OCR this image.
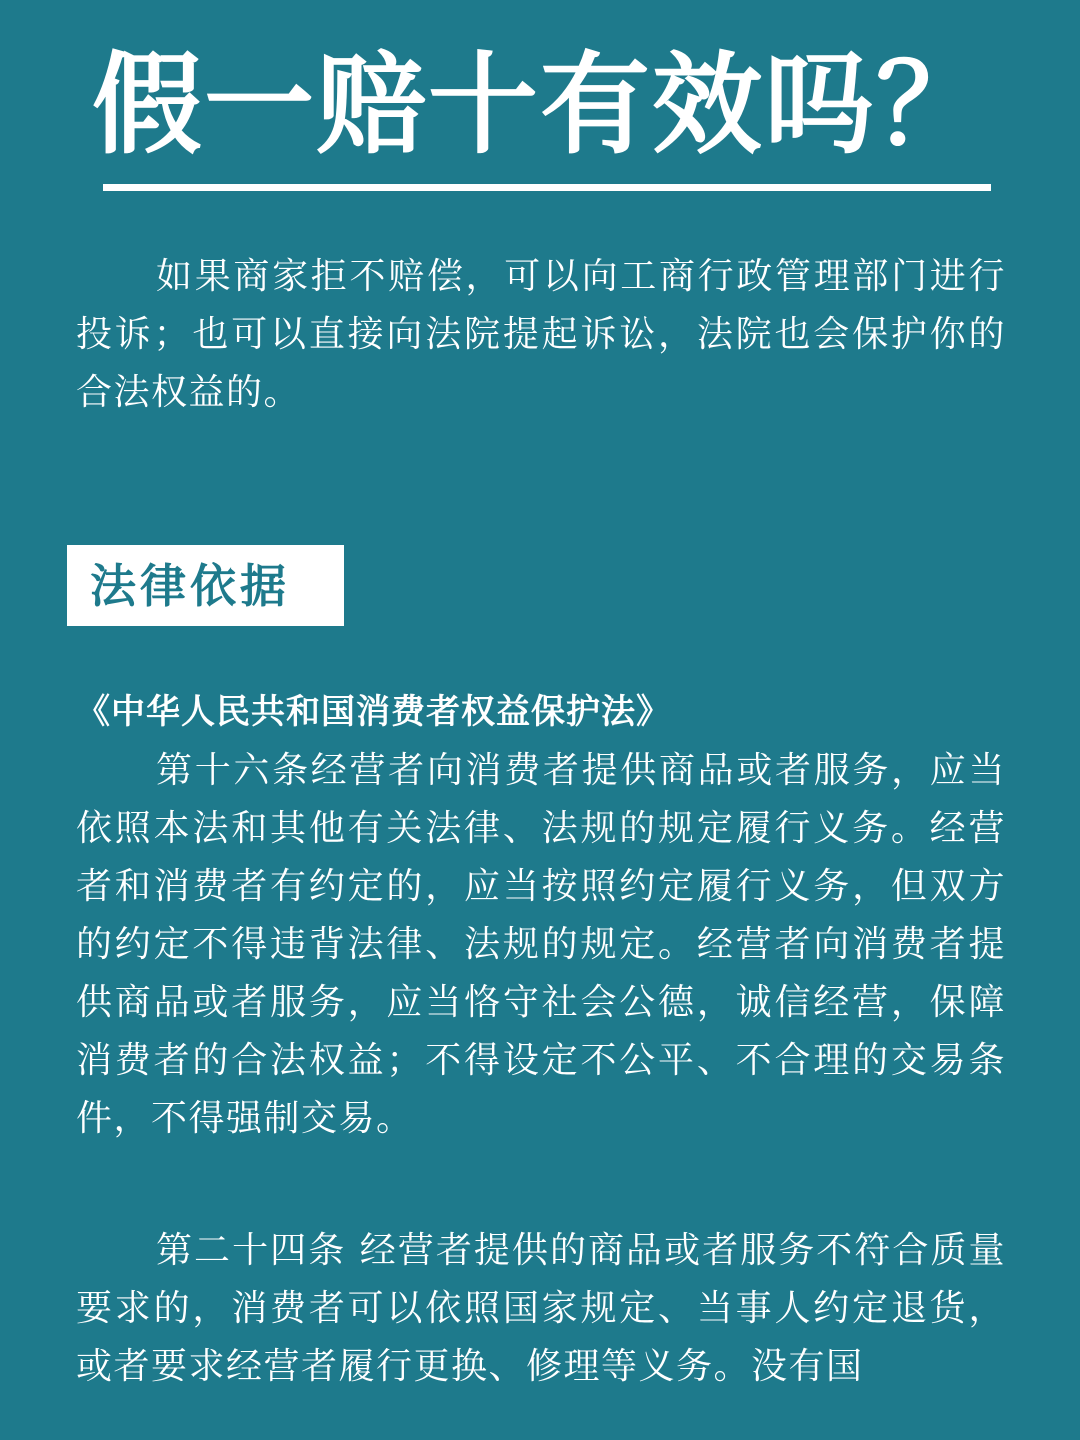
假一赔十有效吗？

如果商家拒不赔偿，可以向工商行政管理部门进行投诉；也可以直接向法院提起诉讼，法院也会保护你的合法权益的。

法律依据
《中华人民共和国消费者权益保护法》

第十六条经营者向消费者提供商品或者服务，应当依照本法和其他有关法律、法规的规定履行义务。经营者和消费者有约定的，应当按照约定履行义务，但双方的约定不得违背法律、法规的规定。经营者向消费者提供商品或者服务，应当恪守社会公德，诚信经营，保障消费者的合法权益；不得设定不公平、不合理的交易条件，不得强制交易。

第二十四条 经营者提供的商品或者服务不符合质量要求的，消费者可以依照国家规定、当事人约定退货，或者要求经营者履行更换、修理等义务。没有国
